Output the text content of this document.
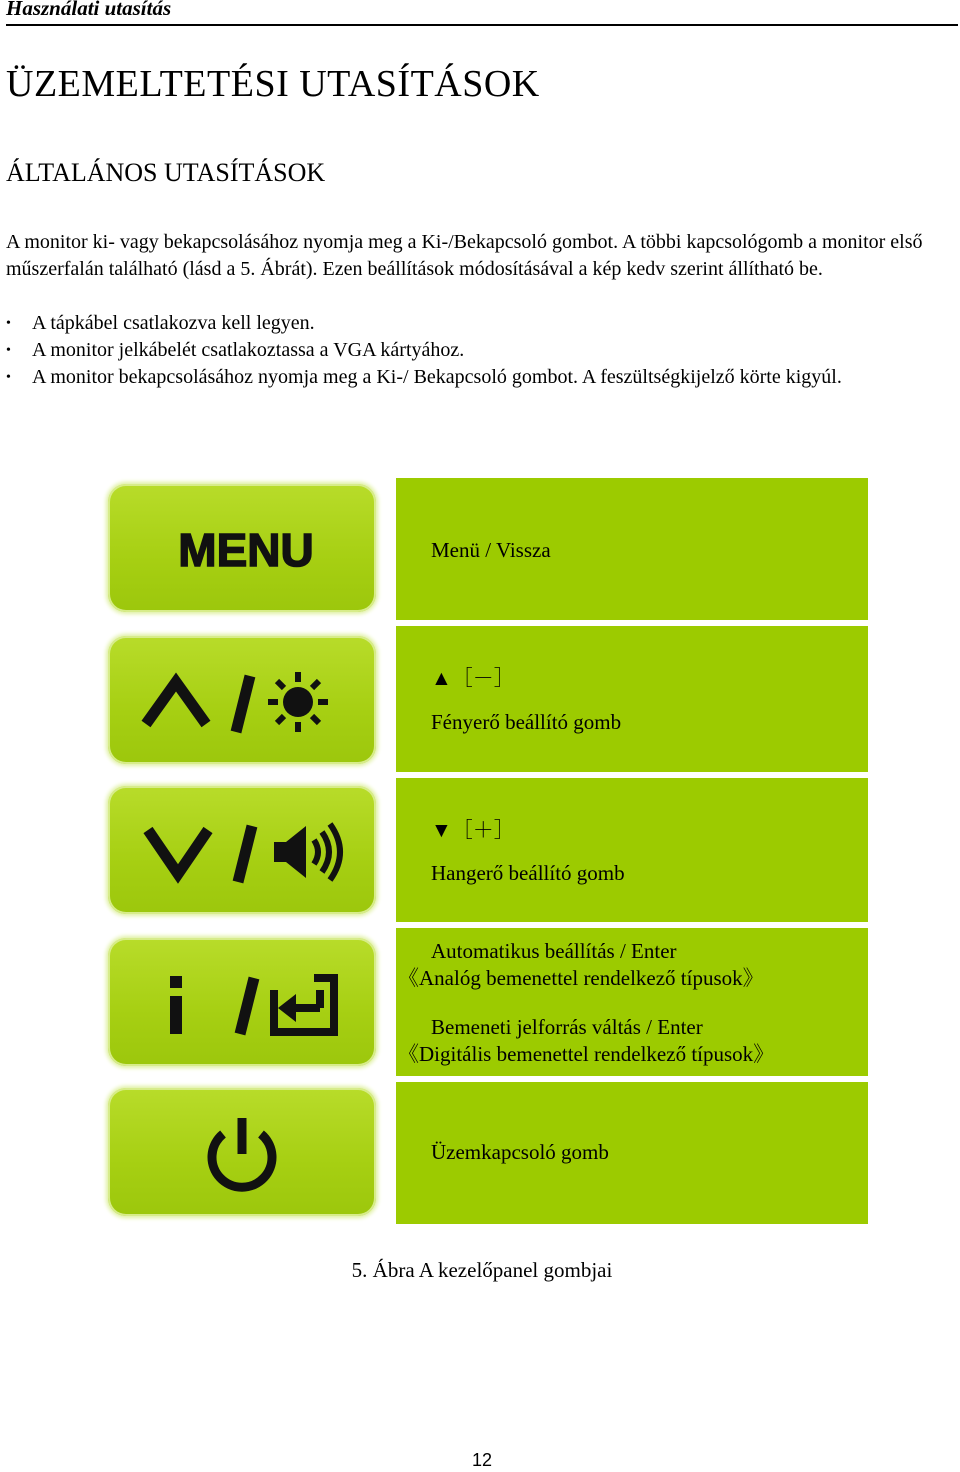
Használati utasítás
ÜZEMELTETÉSI UTASÍTÁSOK
ÁLTALÁNOS UTASÍTÁSOK

A monitor ki- vagy bekapcsolásához nyomja meg a Ki-/Bekapcsoló gombot. A többi kapcsológomb a monitor első műszerfalán található (lásd a 5. Ábrát). Ezen beállítások módosításával a kép kedv szerint állítható be.

• A tápkábel csatlakozva kell legyen.
• A monitor jelkábelét csatlakoztassa a VGA kártyához.
• A monitor bekapcsolásához nyomja meg a Ki-/ Bekapcsoló gombot. A feszültségkijelző körte kigyúl.
MENU	Menü / Vissza
▲［－］
Fényerő beállító gomb
▼［＋］
Hangerő beállító gomb
Automatikus beállítás / Enter
《Analóg bemenettel rendelkező típusok》
Bemeneti jelforrás váltás / Enter
《Digitális bemenettel rendelkező típusok》
Üzemkapcsoló gomb
5. Ábra A kezelőpanel gombjai
12
